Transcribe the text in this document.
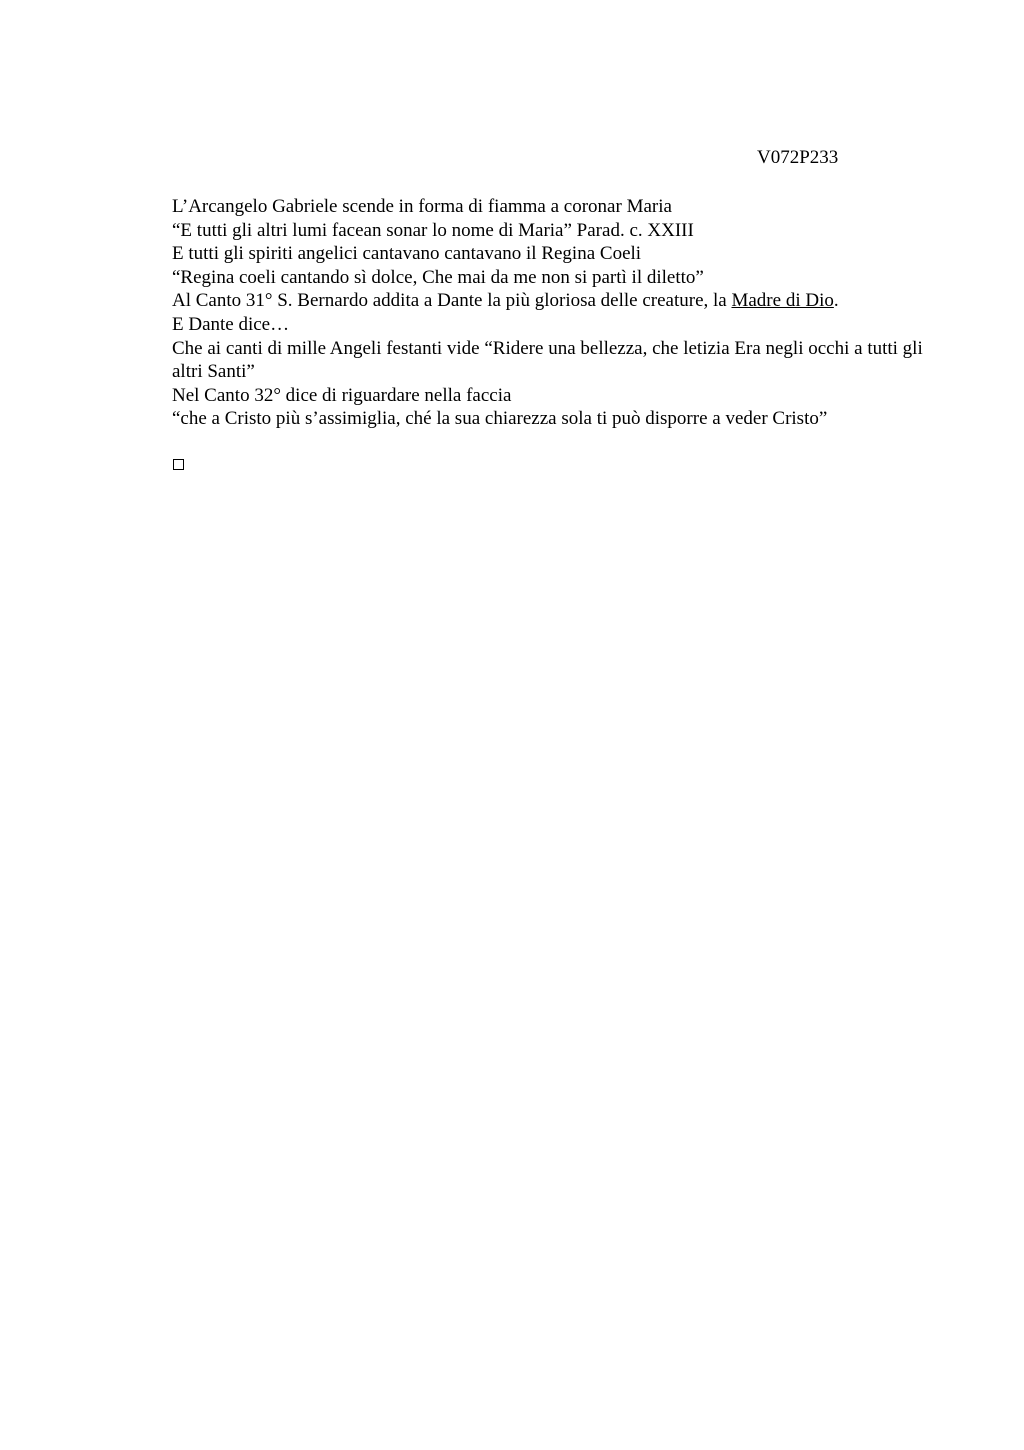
V072P233
L’Arcangelo Gabriele scende in forma di fiamma a coronar Maria
“E tutti gli altri lumi facean sonar lo nome di Maria” Parad. c. XXIII
E tutti gli spiriti angelici cantavano cantavano il Regina Coeli
“Regina coeli cantando sì dolce, Che mai da me non si partì il diletto”
Al Canto 31° S. Bernardo addita a Dante la più gloriosa delle creature, la Madre di Dio.
E Dante dice…
Che ai canti di mille Angeli festanti vide “Ridere una bellezza, che letizia Era negli occhi a tutti gli altri Santi”
Nel Canto 32° dice di riguardare nella faccia
“che a Cristo più s’assimiglia, ché la sua chiarezza sola ti può disporre a veder Cristo”
